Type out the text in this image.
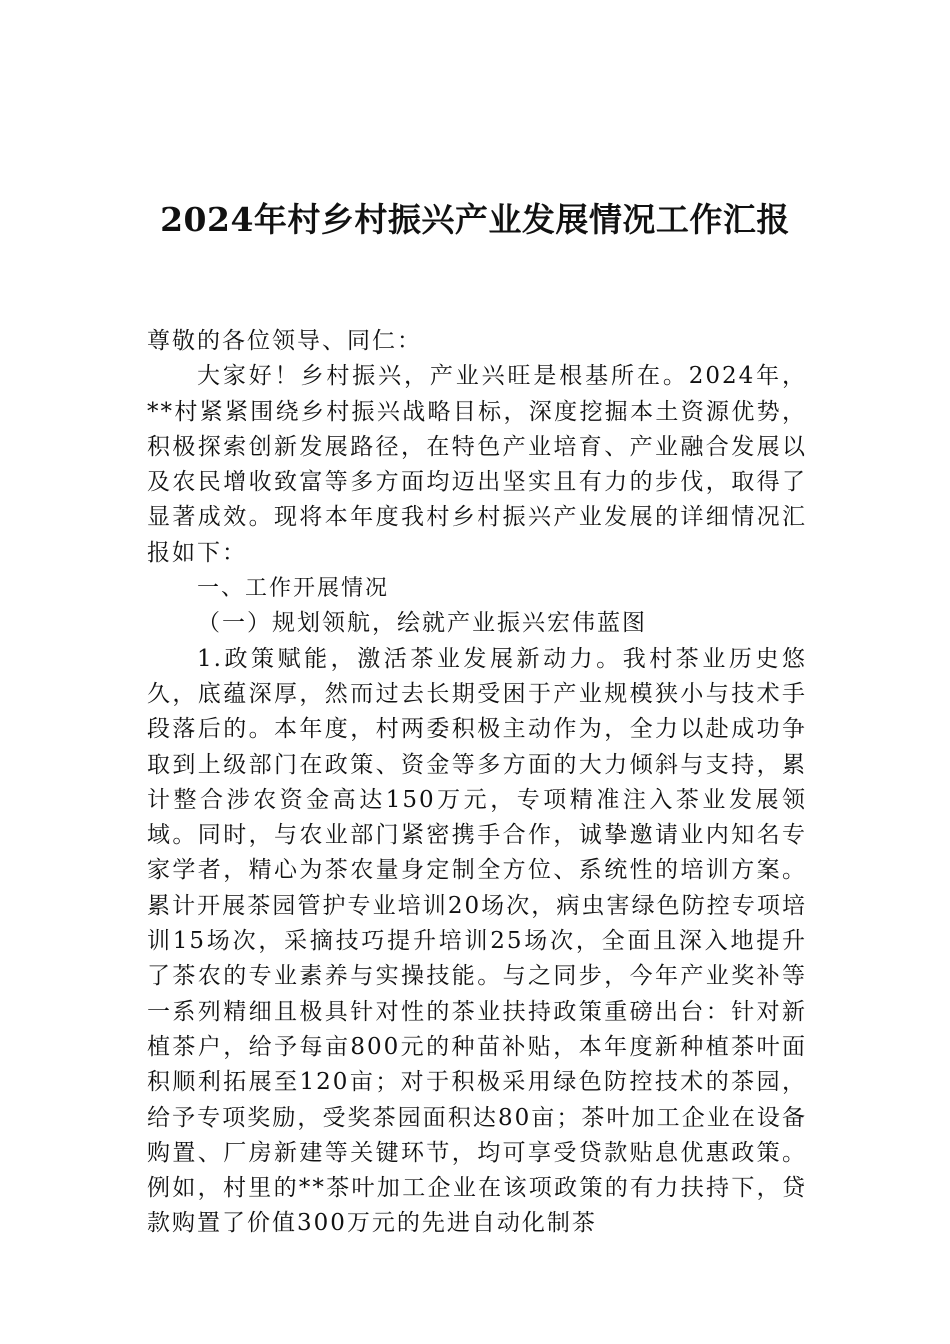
2024年村乡村振兴产业发展情况工作汇报

尊敬的各位领导、同仁：

大家好！乡村振兴，产业兴旺是根基所在。2024年，**村紧紧围绕乡村振兴战略目标，深度挖掘本土资源优势，积极探索创新发展路径，在特色产业培育、产业融合发展以及农民增收致富等多方面均迈出坚实且有力的步伐，取得了显著成效。现将本年度我村乡村振兴产业发展的详细情况汇报如下：

一、工作开展情况

（一）规划领航，绘就产业振兴宏伟蓝图

1.政策赋能，激活茶业发展新动力。我村茶业历史悠久，底蕴深厚，然而过去长期受困于产业规模狭小与技术手段落后的。本年度，村两委积极主动作为，全力以赴成功争取到上级部门在政策、资金等多方面的大力倾斜与支持，累计整合涉农资金高达150万元，专项精准注入茶业发展领域。同时，与农业部门紧密携手合作，诚挚邀请业内知名专家学者，精心为茶农量身定制全方位、系统性的培训方案。累计开展茶园管护专业培训20场次，病虫害绿色防控专项培训15场次，采摘技巧提升培训25场次，全面且深入地提升了茶农的专业素养与实操技能。与之同步，今年产业奖补等一系列精细且极具针对性的茶业扶持政策重磅出台：针对新植茶户，给予每亩800元的种苗补贴，本年度新种植茶叶面积顺利拓展至120亩；对于积极采用绿色防控技术的茶园，给予专项奖励，受奖茶园面积达80亩；茶叶加工企业在设备购置、厂房新建等关键环节，均可享受贷款贴息优惠政策。例如，村里的**茶叶加工企业在该项政策的有力扶持下，贷款购置了价值300万元的先进自动化制茶
